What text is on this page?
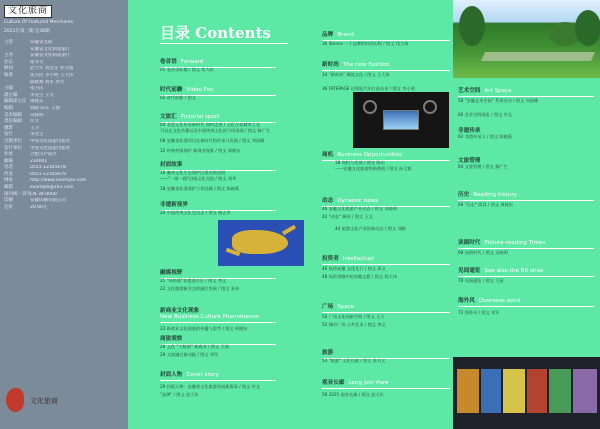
文化旅商
Culture Of Featured Merchants
2021年第三期 总36期
主管	安徽省文联
安徽省文化和旅游厅
主办	安徽省文化和旅游厅
社长	张书文
顾问	赵大年 刘先生 孙文韬
编委	张为民 李小明 王大伟
陈晓燕 刘军 周文
主编	张为民
副主编	李先生 王文
编辑部主任 周晓东
编辑	刘晓 陈东 王丽
美术编辑	吴晓明
责任编辑	许文
摄影	王力
发行	李先生
出版单位	中国文化旅游出版社
发行单位	中国文化旅游出版社
社址	合肥市庐阳区
邮编	230001
电话	0551-12345678
传真	0551-12345679
网址	http://www.example.com
邮箱	example@163.com
国内统一刊号 CN 34-0000
印刷	安徽印刷有限公司
定价	20.00元
文化旅商
目录 Contents
卷首语 Forward
01 卷首语标题 / 图文 张为民
时代前瞻 Video Fox
02 时代前瞻 / 图文
文旅汇 Pictorial sport
04 非遗文化传承新时代 如何走进 / 文化点亮城市之光
可以在文化传播以及中国传统文化的不同表现 / 图文 杨广生
08 安徽省非遗项目在新时代的传承与发展 / 图文 刘丽娜
12 传统村落保护 新商业现象 / 图文 周晓东
封面故事
16 徽州文化生态保护区建设新进展
——"一带一路"沿线文化交流 / 图文 刘华
18 安徽省非遗保护工作回顾 / 图文 陈晓燕
非遗新视界
20 中国传统文化走出去 / 图文 杨志华
融媒视野
21 "网络版"非遗进社区 / 图文 李文
22 文化旅游新业态的融合发展 / 图文 张伟
新商业文化现象
New Business Culture Phenomenon
23 新商业文化现象的传播与思考 / 图文 周晓东
商旅观察
26 文化 "大数据" 新商业 / 图文 王丽
28 文旅融合新动能 / 图文 刘军
封面人物 Cover story
29 封面人物：安徽省文化旅游发展新篇章 / 图文 许文
"品牌" / 图文 赵大年
品牌 Brand
30 Stones 一个品牌的时尚历程 / 图文 钱大伟
新时尚 The new Fashion
34 "新时尚" 潮流文化 / 图文 王大伟
36 FATEPAGE 以智能汽车打造未来 / 图文 李小明
商机 Business Opportunities
38 商机与发展 / 图文 陈东
——安徽文化旅游的新商机 / 图文 孙文韬
动态 Dynamic news
40 安徽文化旅游产业动态 / 图文 吴晓明
42 "动态" 新闻 / 图文 王文
44 旅游文化产业的新动态 / 图文 刘晓
投资者 Intellectual
46 投资安徽 文化先行 / 图文 周文
48 投资者眼中的安徽文旅 / 图文 钱大伟
广场 Space
50 广场文化的新空间 / 图文 王力
52 城市广场 公共艺术 / 图文 李文
旅游
54 "旅游" 文化长廊 / 图文 张书文
观音长廊 Long join View
56 2021 观音长廊 / 图文 赵大年
艺术空间 Art Space
58 "安徽艺术空间" 系列活动 / 图文 刘丽娜
60 艺术空间展览 / 图文 许文
非遗传承
62 非遗传承人 / 图文 陈晓燕
文旅管理
64 文旅管理 / 图文 杨广生
历史 Reading history
66 "历史" 阅读 / 图文 周晓东
读图时代 Picture-reading Times
68 读图时代 / 图文 吴晓明
见闻通览 See also the Bit shoe
70 见闻通览 / 图文 王丽
海外风 Overseas wind
72 海外风 / 图文 刘军
